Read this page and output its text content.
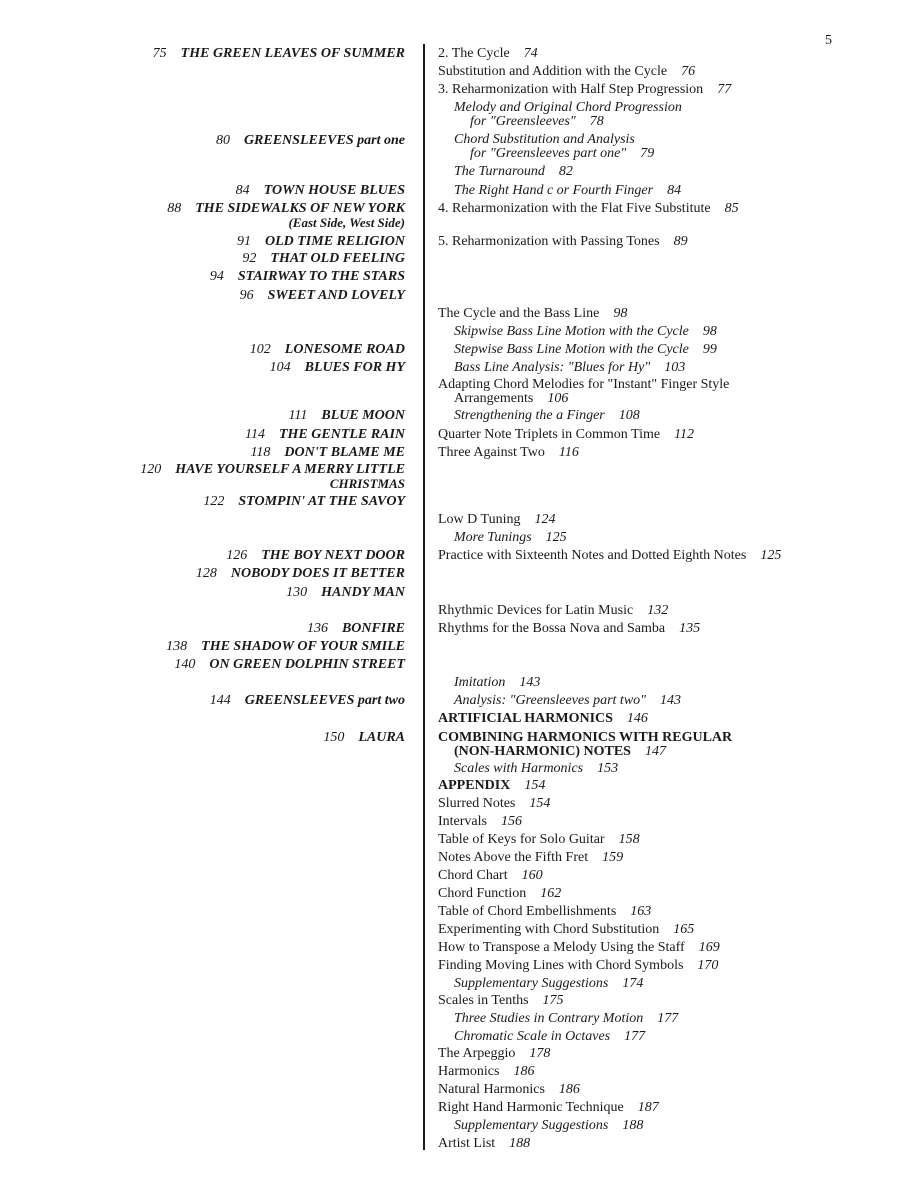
5
75 THE GREEN LEAVES OF SUMMER
80 GREENSLEEVES part one
84 TOWN HOUSE BLUES
88 THE SIDEWALKS OF NEW YORK
(East Side, West Side)
91 OLD TIME RELIGION
92 THAT OLD FEELING
94 STAIRWAY TO THE STARS
96 SWEET AND LOVELY
102 LONESOME ROAD
104 BLUES FOR HY
111 BLUE MOON
114 THE GENTLE RAIN
118 DON'T BLAME ME
120 HAVE YOURSELF A MERRY LITTLE
CHRISTMAS
122 STOMPIN' AT THE SAVOY
126 THE BOY NEXT DOOR
128 NOBODY DOES IT BETTER
130 HANDY MAN
136 BONFIRE
138 THE SHADOW OF YOUR SMILE
140 ON GREEN DOLPHIN STREET
144 GREENSLEEVES part two
150 LAURA
2. The Cycle 74
Substitution and Addition with the Cycle 76
3. Reharmonization with Half Step Progression 77
Melody and Original Chord Progression
for "Greensleeves" 78
Chord Substitution and Analysis
for "Greensleeves part one" 79
The Turnaround 82
The Right Hand c or Fourth Finger 84
4. Reharmonization with the Flat Five Substitute 85
5. Reharmonization with Passing Tones 89
The Cycle and the Bass Line 98
Skipwise Bass Line Motion with the Cycle 98
Stepwise Bass Line Motion with the Cycle 99
Bass Line Analysis: "Blues for Hy" 103
Adapting Chord Melodies for "Instant" Finger Style
Arrangements 106
Strengthening the a Finger 108
Quarter Note Triplets in Common Time 112
Three Against Two 116
Low D Tuning 124
More Tunings 125
Practice with Sixteenth Notes and Dotted Eighth Notes 125
Rhythmic Devices for Latin Music 132
Rhythms for the Bossa Nova and Samba 135
Imitation 143
Analysis: "Greensleeves part two" 143
ARTIFICIAL HARMONICS 146
COMBINING HARMONICS WITH REGULAR
(NON-HARMONIC) NOTES 147
Scales with Harmonics 153
APPENDIX 154
Slurred Notes 154
Intervals 156
Table of Keys for Solo Guitar 158
Notes Above the Fifth Fret 159
Chord Chart 160
Chord Function 162
Table of Chord Embellishments 163
Experimenting with Chord Substitution 165
How to Transpose a Melody Using the Staff 169
Finding Moving Lines with Chord Symbols 170
Supplementary Suggestions 174
Scales in Tenths 175
Three Studies in Contrary Motion 177
Chromatic Scale in Octaves 177
The Arpeggio 178
Harmonics 186
Natural Harmonics 186
Right Hand Harmonic Technique 187
Supplementary Suggestions 188
Artist List 188
